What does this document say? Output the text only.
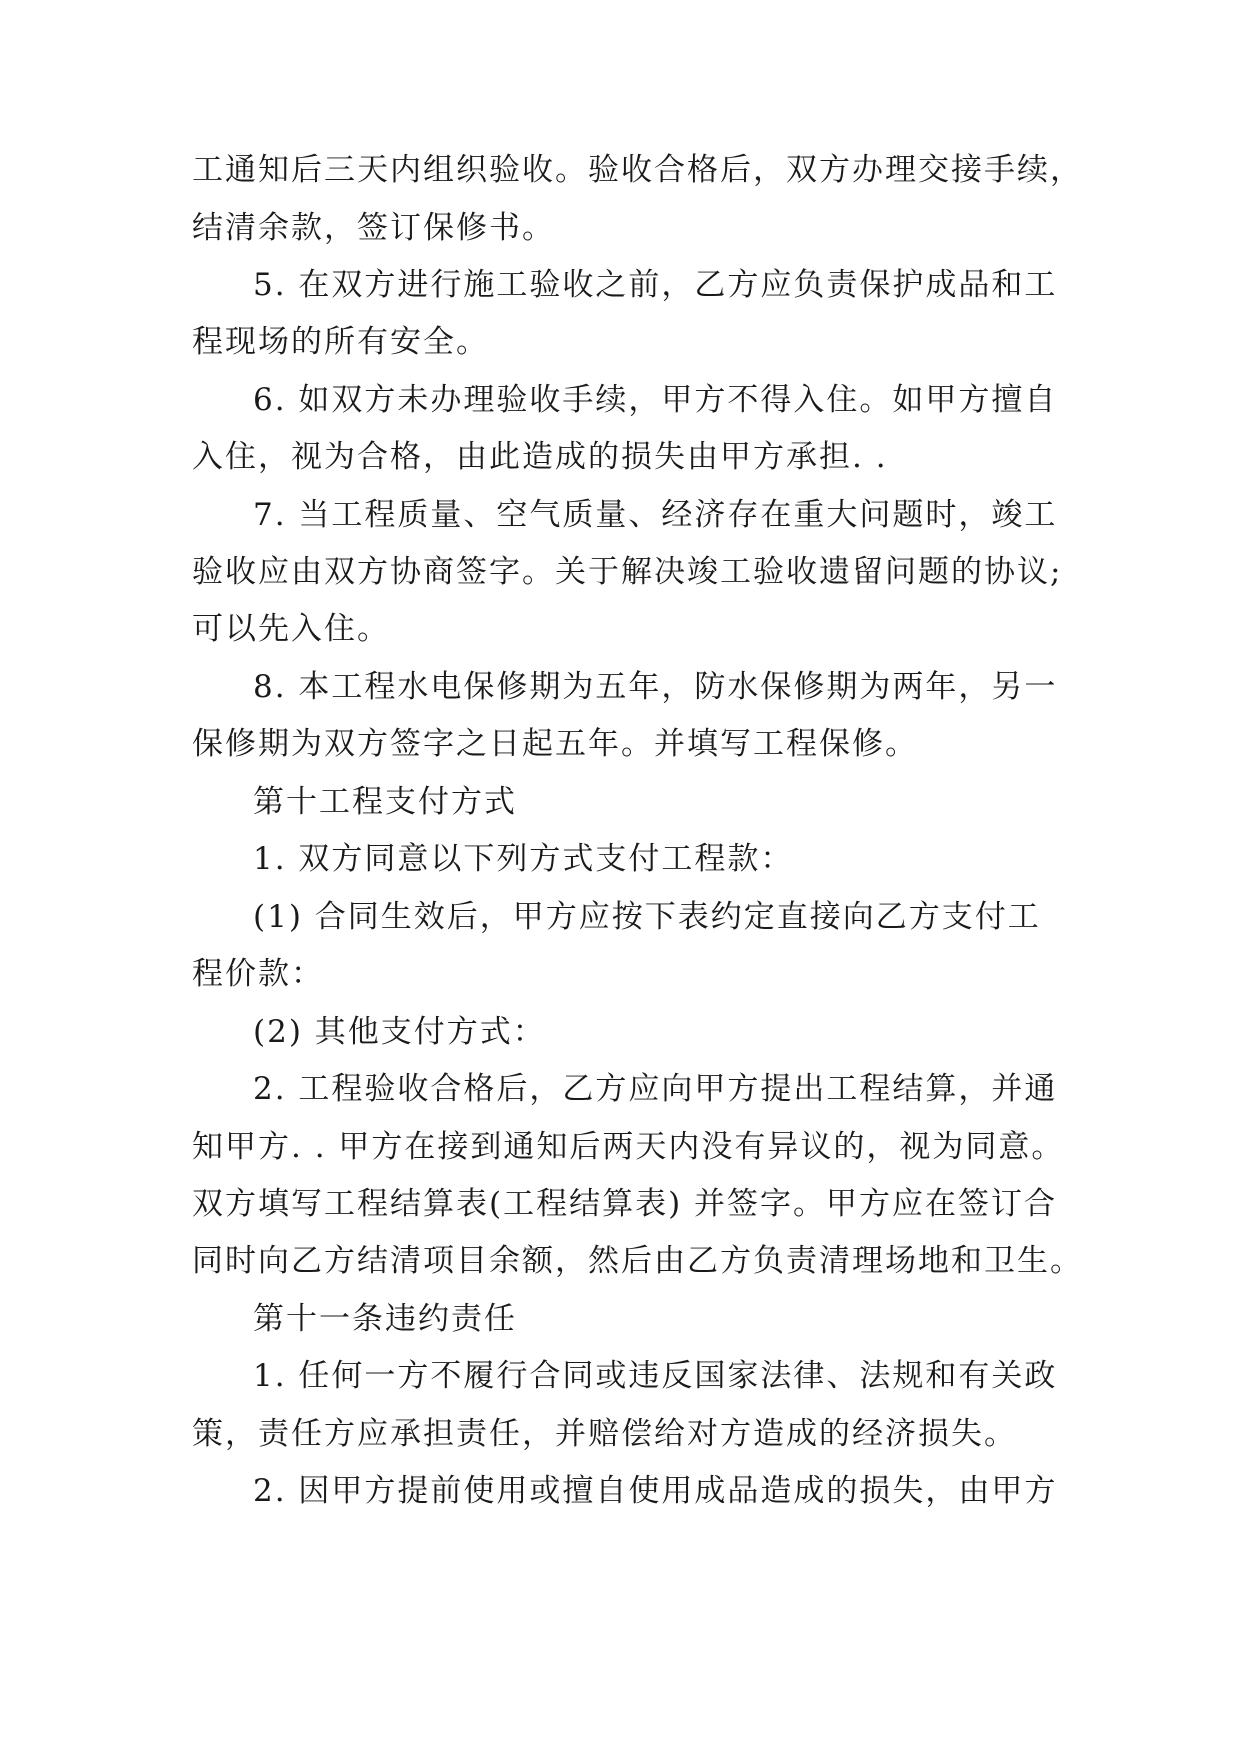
工通知后三天内组织验收。验收合格后，双方办理交接手续，
结清余款，签订保修书。
5. 在双方进行施工验收之前，乙方应负责保护成品和工
程现场的所有安全。
6. 如双方未办理验收手续，甲方不得入住。如甲方擅自
入住，视为合格，由此造成的损失由甲方承担. .
7. 当工程质量、空气质量、经济存在重大问题时，竣工
验收应由双方协商签字。关于解决竣工验收遗留问题的协议;
可以先入住。
8. 本工程水电保修期为五年，防水保修期为两年，另一
保修期为双方签字之日起五年。并填写工程保修。
第十工程支付方式
1. 双方同意以下列方式支付工程款：
(1) 合同生效后，甲方应按下表约定直接向乙方支付工
程价款：
(2) 其他支付方式：
2. 工程验收合格后，乙方应向甲方提出工程结算，并通
知甲方. . 甲方在接到通知后两天内没有异议的，视为同意。
双方填写工程结算表(工程结算表) 并签字。甲方应在签订合
同时向乙方结清项目余额，然后由乙方负责清理场地和卫生。
第十一条违约责任
1. 任何一方不履行合同或违反国家法律、法规和有关政
策，责任方应承担责任，并赔偿给对方造成的经济损失。
2. 因甲方提前使用或擅自使用成品造成的损失，由甲方
